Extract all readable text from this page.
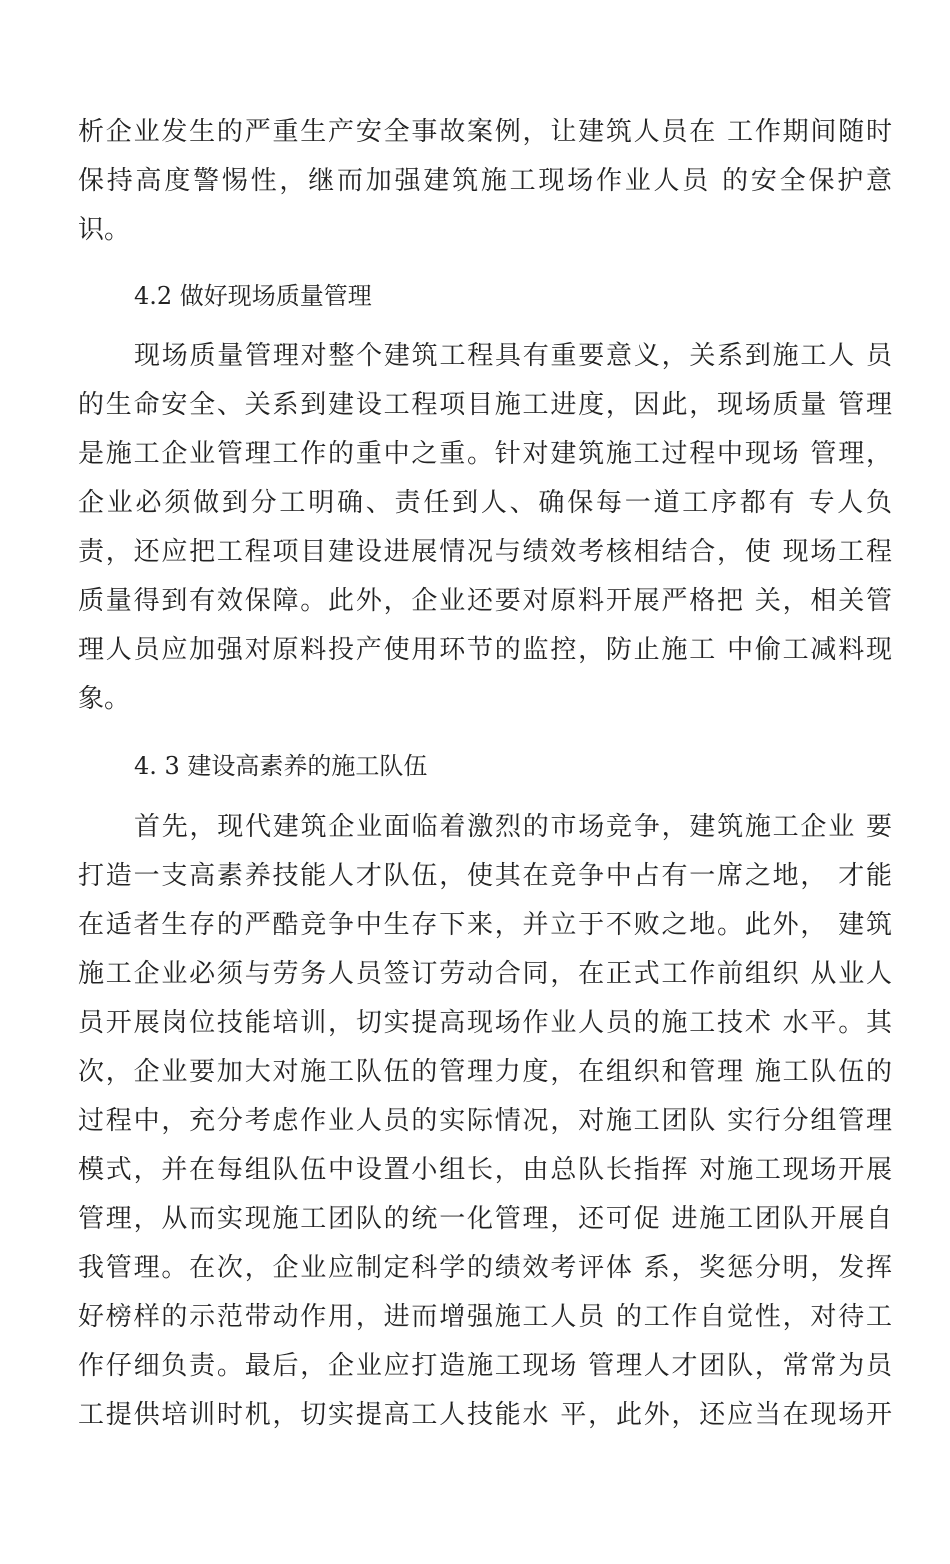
析企业发生的严重生产安全事故案例，让建筑人员在 工作期间随时
保持高度警惕性，继而加强建筑施工现场作业人员 的安全保护意
识。
4.2 做好现场质量管理
现场质量管理对整个建筑工程具有重要意义，关系到施工人 员
的生命安全、关系到建设工程项目施工进度，因此，现场质量 管理
是施工企业管理工作的重中之重。针对建筑施工过程中现场 管理，
企业必须做到分工明确、责任到人、确保每一道工序都有 专人负
责，还应把工程项目建设进展情况与绩效考核相结合，使 现场工程
质量得到有效保障。此外，企业还要对原料开展严格把 关，相关管
理人员应加强对原料投产使用环节的监控，防止施工 中偷工减料现
象。
4. 3 建设高素养的施工队伍
首先，现代建筑企业面临着激烈的市场竞争，建筑施工企业 要
打造一支高素养技能人才队伍，使其在竞争中占有一席之地， 才能
在适者生存的严酷竞争中生存下来，并立于不败之地。此外， 建筑
施工企业必须与劳务人员签订劳动合同，在正式工作前组织 从业人
员开展岗位技能培训，切实提高现场作业人员的施工技术 水平。其
次，企业要加大对施工队伍的管理力度，在组织和管理 施工队伍的
过程中，充分考虑作业人员的实际情况，对施工团队 实行分组管理
模式，并在每组队伍中设置小组长，由总队长指挥 对施工现场开展
管理，从而实现施工团队的统一化管理，还可促 进施工团队开展自
我管理。在次，企业应制定科学的绩效考评体 系，奖惩分明，发挥
好榜样的示范带动作用，进而增强施工人员 的工作自觉性，对待工
作仔细负责。最后，企业应打造施工现场 管理人才团队，常常为员
工提供培训时机，切实提高工人技能水 平，此外，还应当在现场开
